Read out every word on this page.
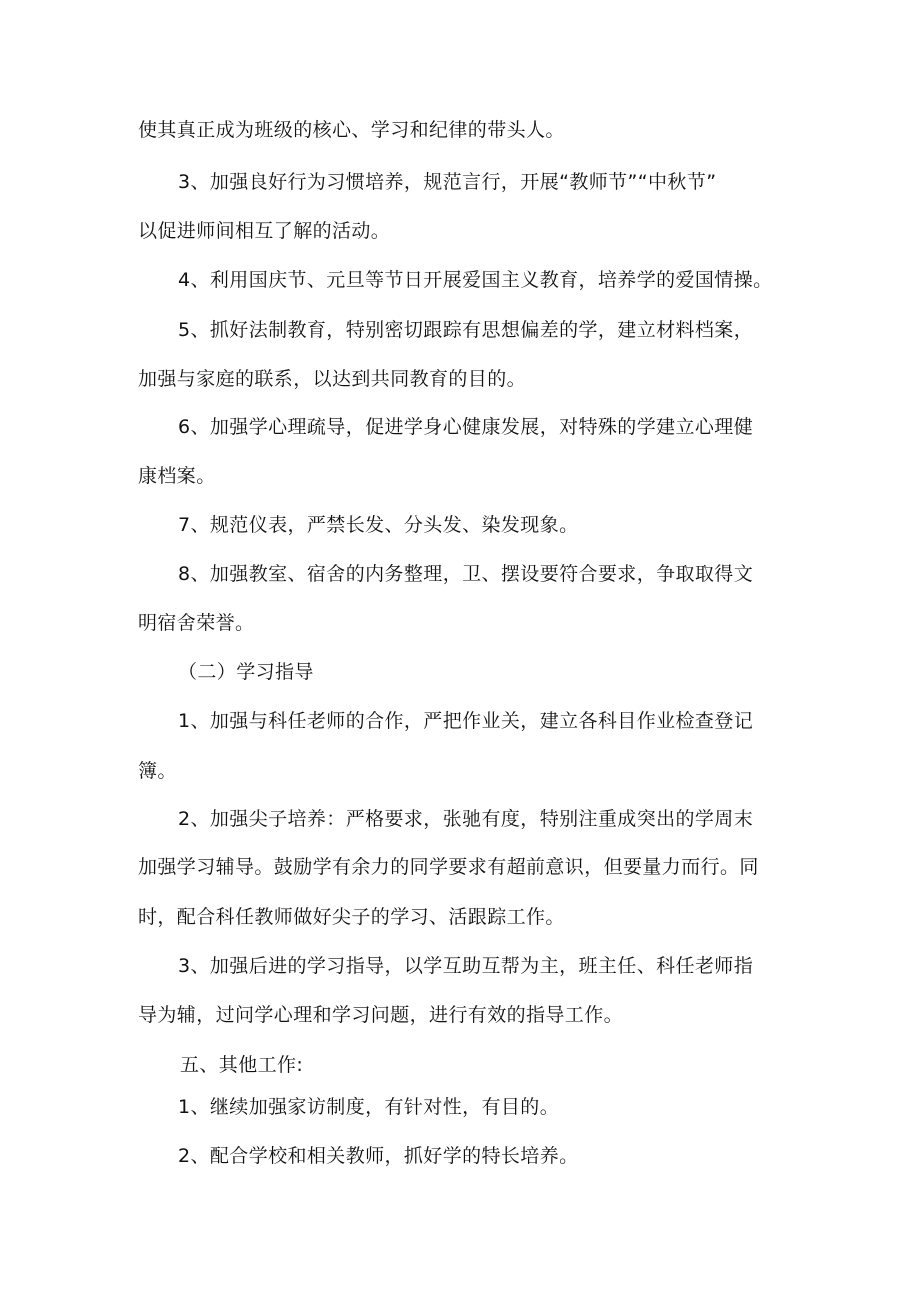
使其真正成为班级的核心、学习和纪律的带头人。
3、加强良好行为习惯培养，规范言行，开展“教师节”“中秋节”
以促进师间相互了解的活动。
4、利用国庆节、元旦等节日开展爱国主义教育，培养学的爱国情操。
5、抓好法制教育，特别密切跟踪有思想偏差的学，建立材料档案，
加强与家庭的联系，以达到共同教育的目的。
6、加强学心理疏导，促进学身心健康发展，对特殊的学建立心理健
康档案。
7、规范仪表，严禁长发、分头发、染发现象。
8、加强教室、宿舍的内务整理，卫、摆设要符合要求，争取取得文
明宿舍荣誉。
（二）学习指导
1、加强与科任老师的合作，严把作业关，建立各科目作业检查登记
簿。
2、加强尖子培养：严格要求，张驰有度，特别注重成突出的学周末
加强学习辅导。鼓励学有余力的同学要求有超前意识，但要量力而行。同
时，配合科任教师做好尖子的学习、活跟踪工作。
3、加强后进的学习指导，以学互助互帮为主，班主任、科任老师指
导为辅，过问学心理和学习问题，进行有效的指导工作。
五、其他工作:
1、继续加强家访制度，有针对性，有目的。
2、配合学校和相关教师，抓好学的特长培养。
